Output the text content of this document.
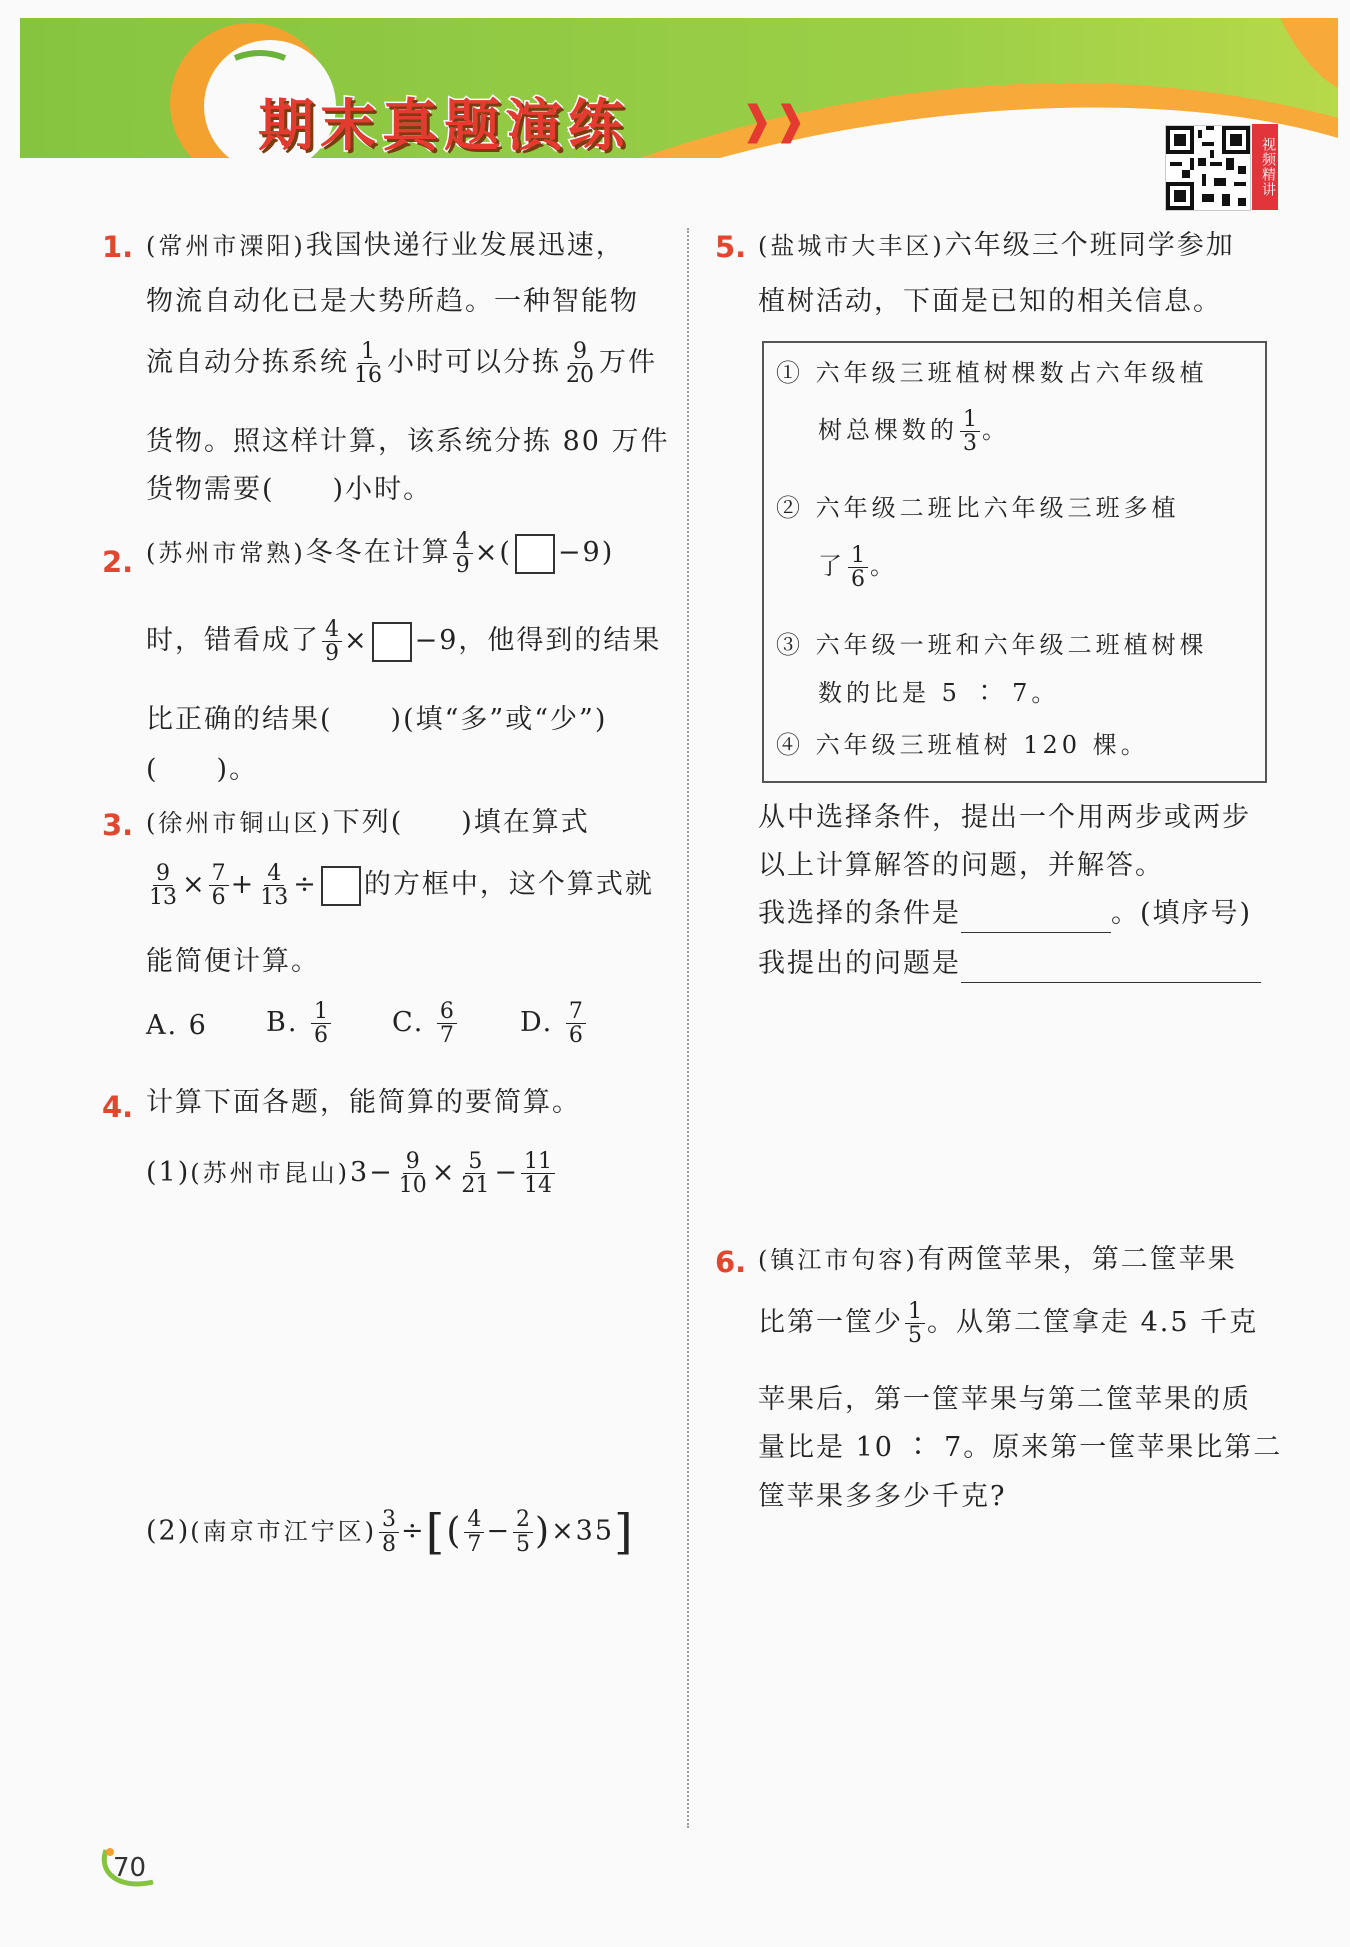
期末真题演练	❱❱
视频精讲
1. (常州市溧阳)我国快递行业发展迅速，
物流自动化已是大势所趋。一种智能物
流自动分拣系统 $\frac{1}{16}$ 小时可以分拣 $\frac{9}{20}$ 万件
货物。照这样计算，该系统分拣 80 万件
货物需要(　　)小时。
2. (苏州市常熟)冬冬在计算 $\frac{4}{9}$ ×( −9)
时，错看成了 $\frac{4}{9} \times -9$，他得到的结果
比正确的结果(　　)(填“多”或“少”)
(　　)。
3. (徐州市铜山区)下列(　　)填在算式
$\frac{9}{13} \times \frac{7}{6} + \frac{4}{13}$ ÷ 的方框中，这个算式就
能简便计算。
A. 6 B. $\frac{1}{6} C$. $\frac{6}{7} D$. $\frac{7}{6}$
4. 计算下面各题，能简算的要简算。
(1)(苏州市昆山)$3- \frac{9}{10} \times \frac{5}{21} - \frac{11}{14}$
(2)(南京市江宁区) $\frac{3}{8}$ ÷[( $\frac{4}{7} - \frac{2}{5} )\times 35$]
5. (盐城市大丰区)六年级三个班同学参加
植树活动，下面是已知的相关信息。
① 六年级三班植树棵数占六年级植
树总棵数的 $\frac{1}{3}$ 。
② 六年级二班比六年级三班多植
了 $\frac{1}{6}$ 。
③ 六年级一班和六年级二班植树棵
数的比是 5 ∶ 7。
④ 六年级三班植树 120 棵。
从中选择条件，提出一个用两步或两步
以上计算解答的问题，并解答。
我选择的条件是	。(填序号)
我提出的问题是
6. (镇江市句容)有两筐苹果，第二筐苹果
比第一筐少 $\frac{1}{5}$ 。从第二筐拿走 4.5 千克
苹果后，第一筐苹果与第二筐苹果的质
量比是 10 ∶ 7。原来第一筐苹果比第二
筐苹果多多少千克?
70
